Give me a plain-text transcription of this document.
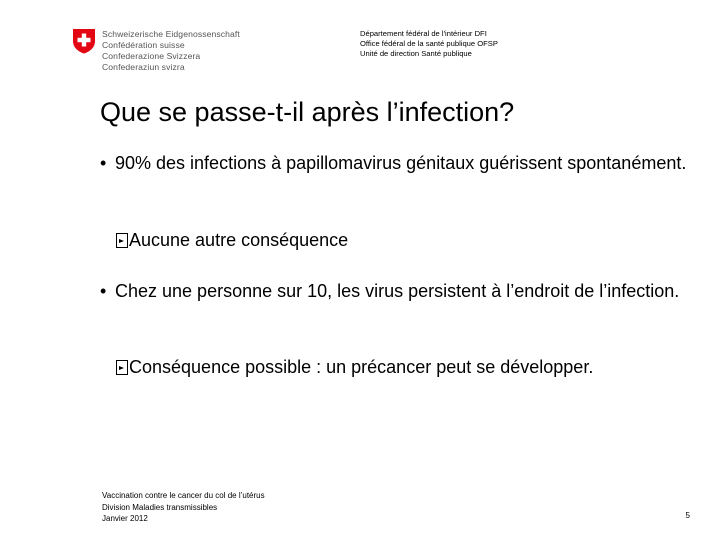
Schweizerische Eidgenossenschaft
Confédération suisse
Confederazione Svizzera
Confederaziun svizra
Département fédéral de l'intérieur DFI
Office fédéral de la santé publique OFSP
Unité de direction Santé publique
Que se passe-t-il après l’infection?
• 90% des infections à papillomavirus génitaux guérissent spontanément.
Aucune autre conséquence
• Chez une personne sur 10, les virus persistent à l’endroit de l’infection.
Conséquence possible : un précancer peut se développer.
Vaccination contre le cancer du col de l’utérus
Division Maladies transmissibles
Janvier 2012	5
